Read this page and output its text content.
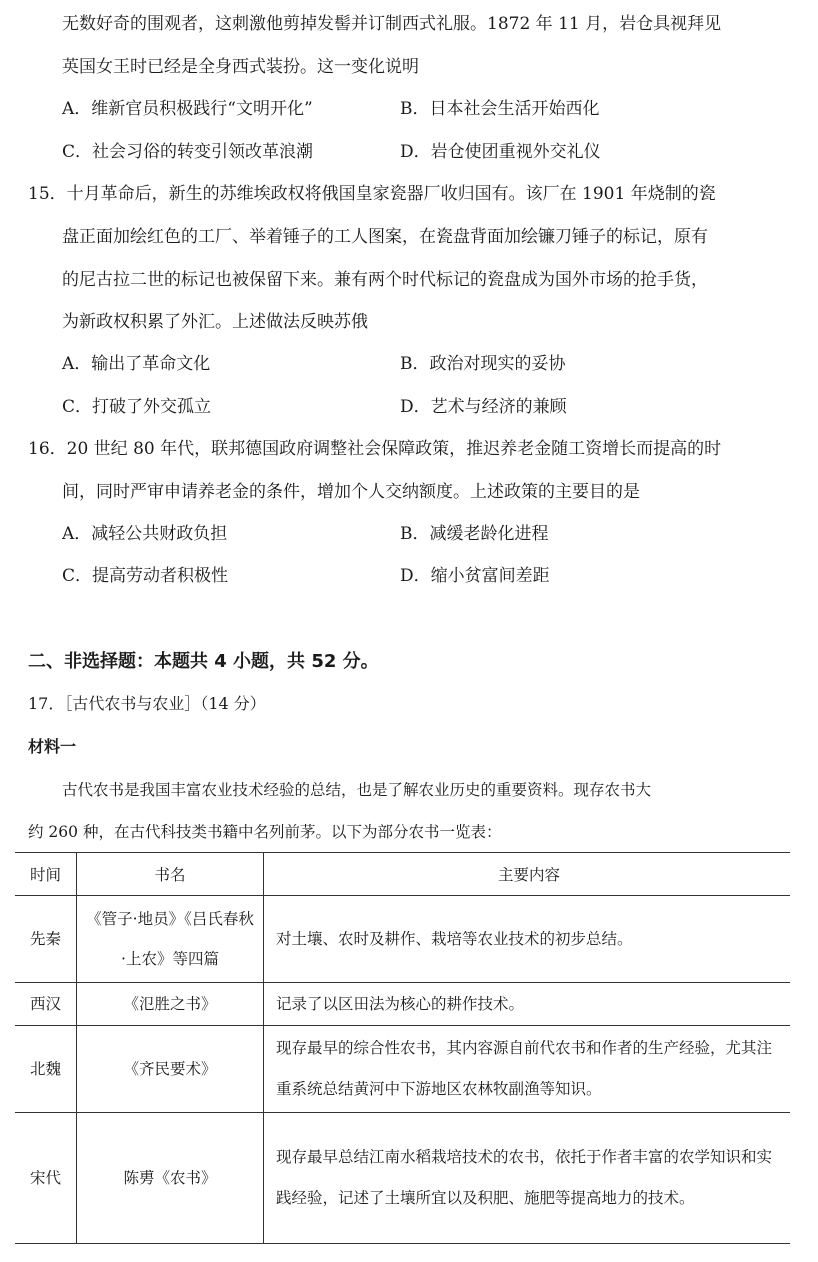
无数好奇的围观者，这刺激他剪掉发髻并订制西式礼服。1872 年 11 月，岩仓具视拜见
英国女王时已经是全身西式装扮。这一变化说明
A．维新官员积极践行“文明开化”	B．日本社会生活开始西化
C．社会习俗的转变引领改革浪潮	D．岩仓使团重视外交礼仪
15．十月革命后，新生的苏维埃政权将俄国皇家瓷器厂收归国有。该厂在 1901 年烧制的瓷
盘正面加绘红色的工厂、举着锤子的工人图案，在瓷盘背面加绘镰刀锤子的标记，原有
的尼古拉二世的标记也被保留下来。兼有两个时代标记的瓷盘成为国外市场的抢手货，
为新政权积累了外汇。上述做法反映苏俄
A．输出了革命文化	B．政治对现实的妥协
C．打破了外交孤立	D．艺术与经济的兼顾
16．20 世纪 80 年代，联邦德国政府调整社会保障政策，推迟养老金随工资增长而提高的时
间，同时严审申请养老金的条件，增加个人交纳额度。上述政策的主要目的是
A．减轻公共财政负担	B．减缓老龄化进程
C．提高劳动者积极性	D．缩小贫富间差距
二、非选择题：本题共 4 小题，共 52 分。
17．［古代农书与农业］（14 分）
材料一
古代农书是我国丰富农业技术经验的总结，也是了解农业历史的重要资料。现存农书大
约 260 种，在古代科技类书籍中名列前茅。以下为部分农书一览表：
时间	书名	主要内容
先秦	《管子·地员》《吕氏春秋·上农》等四篇	对土壤、农时及耕作、栽培等农业技术的初步总结。
西汉	《氾胜之书》	记录了以区田法为核心的耕作技术。
北魏	《齐民要术》	现存最早的综合性农书，其内容源自前代农书和作者的生产经验，尤其注重系统总结黄河中下游地区农林牧副渔等知识。
宋代	陈旉《农书》	现存最早总结江南水稻栽培技术的农书，依托于作者丰富的农学知识和实践经验，记述了土壤所宜以及积肥、施肥等提高地力的技术。
